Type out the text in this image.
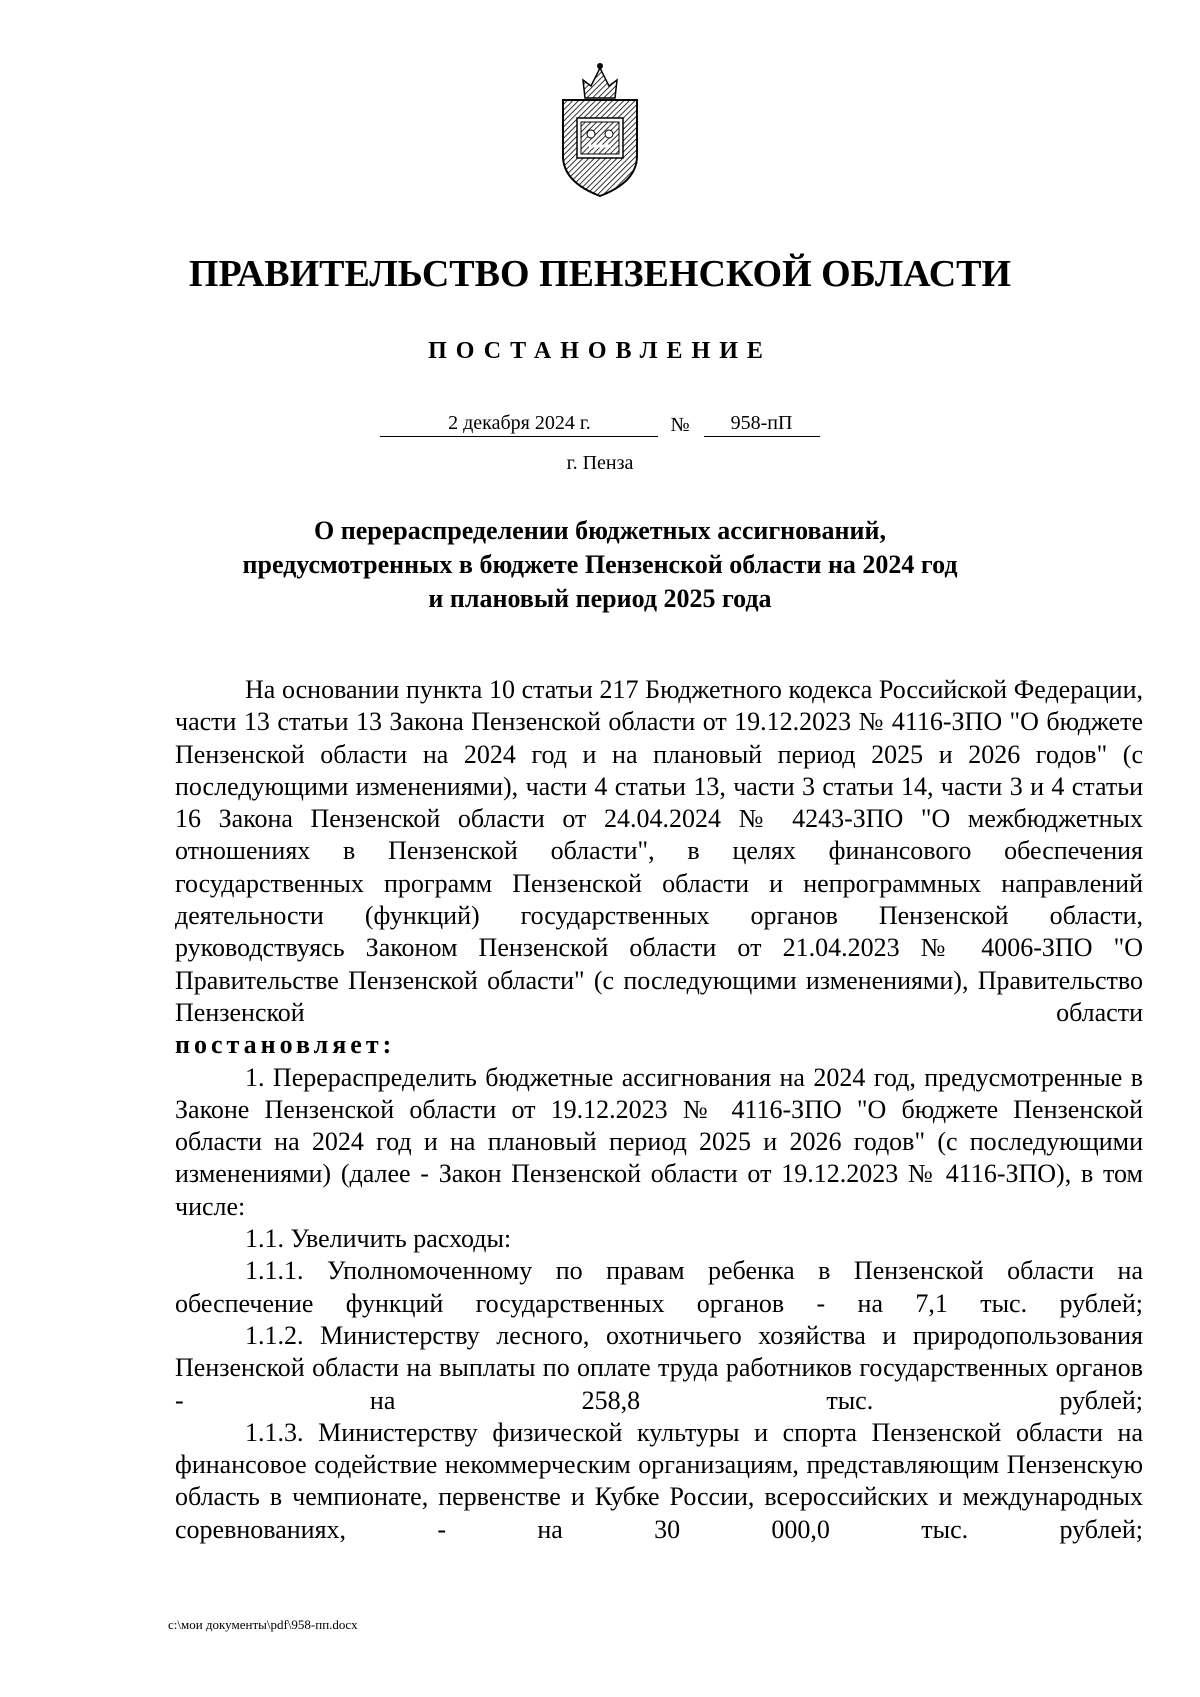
ПРАВИТЕЛЬСТВО ПЕНЗЕНСКОЙ ОБЛАСТИ
ПОСТАНОВЛЕНИЕ
2 декабря 2024 г.	№	958-пП
г. Пенза
О перераспределении бюджетных ассигнований,
предусмотренных в бюджете Пензенской области на 2024 год
и плановый период 2025 года

На основании пункта 10 статьи 217 Бюджетного кодекса Российской Федерации, части 13 статьи 13 Закона Пензенской области от 19.12.2023 № 4116-ЗПО "О бюджете Пензенской области на 2024 год и на плановый период 2025 и 2026 годов" (с последующими изменениями), части 4 статьи 13, части 3 статьи 14, части 3 и 4 статьи 16 Закона Пензенской области от 24.04.2024 № 4243-ЗПО "О межбюджетных отношениях в Пензенской области", в целях финансового обеспечения государственных программ Пензенской области и непрограммных направлений деятельности (функций) государственных органов Пензенской области, руководствуясь Законом Пензенской области от 21.04.2023 № 4006-ЗПО "О Правительстве Пензенской области" (с последующими изменениями), Правительство Пензенской области

постановляет:

1. Перераспределить бюджетные ассигнования на 2024 год, предусмотренные в Законе Пензенской области от 19.12.2023 № 4116-ЗПО "О бюджете Пензенской области на 2024 год и на плановый период 2025 и 2026 годов" (с последующими изменениями) (далее - Закон Пензенской области от 19.12.2023 № 4116-ЗПО), в том числе:

1.1. Увеличить расходы:

1.1.1. Уполномоченному по правам ребенка в Пензенской области на обеспечение функций государственных органов - на 7,1 тыс. рублей;

1.1.2. Министерству лесного, охотничьего хозяйства и природопользования Пензенской области на выплаты по оплате труда работников государственных органов - на 258,8 тыс. рублей;

1.1.3. Министерству физической культуры и спорта Пензенской области на финансовое содействие некоммерческим организациям, представляющим Пензенскую область в чемпионате, первенстве и Кубке России, всероссийских и международных соревнованиях, - на 30 000,0 тыс. рублей;

c:\мои документы\pdf\958-пп.docx
